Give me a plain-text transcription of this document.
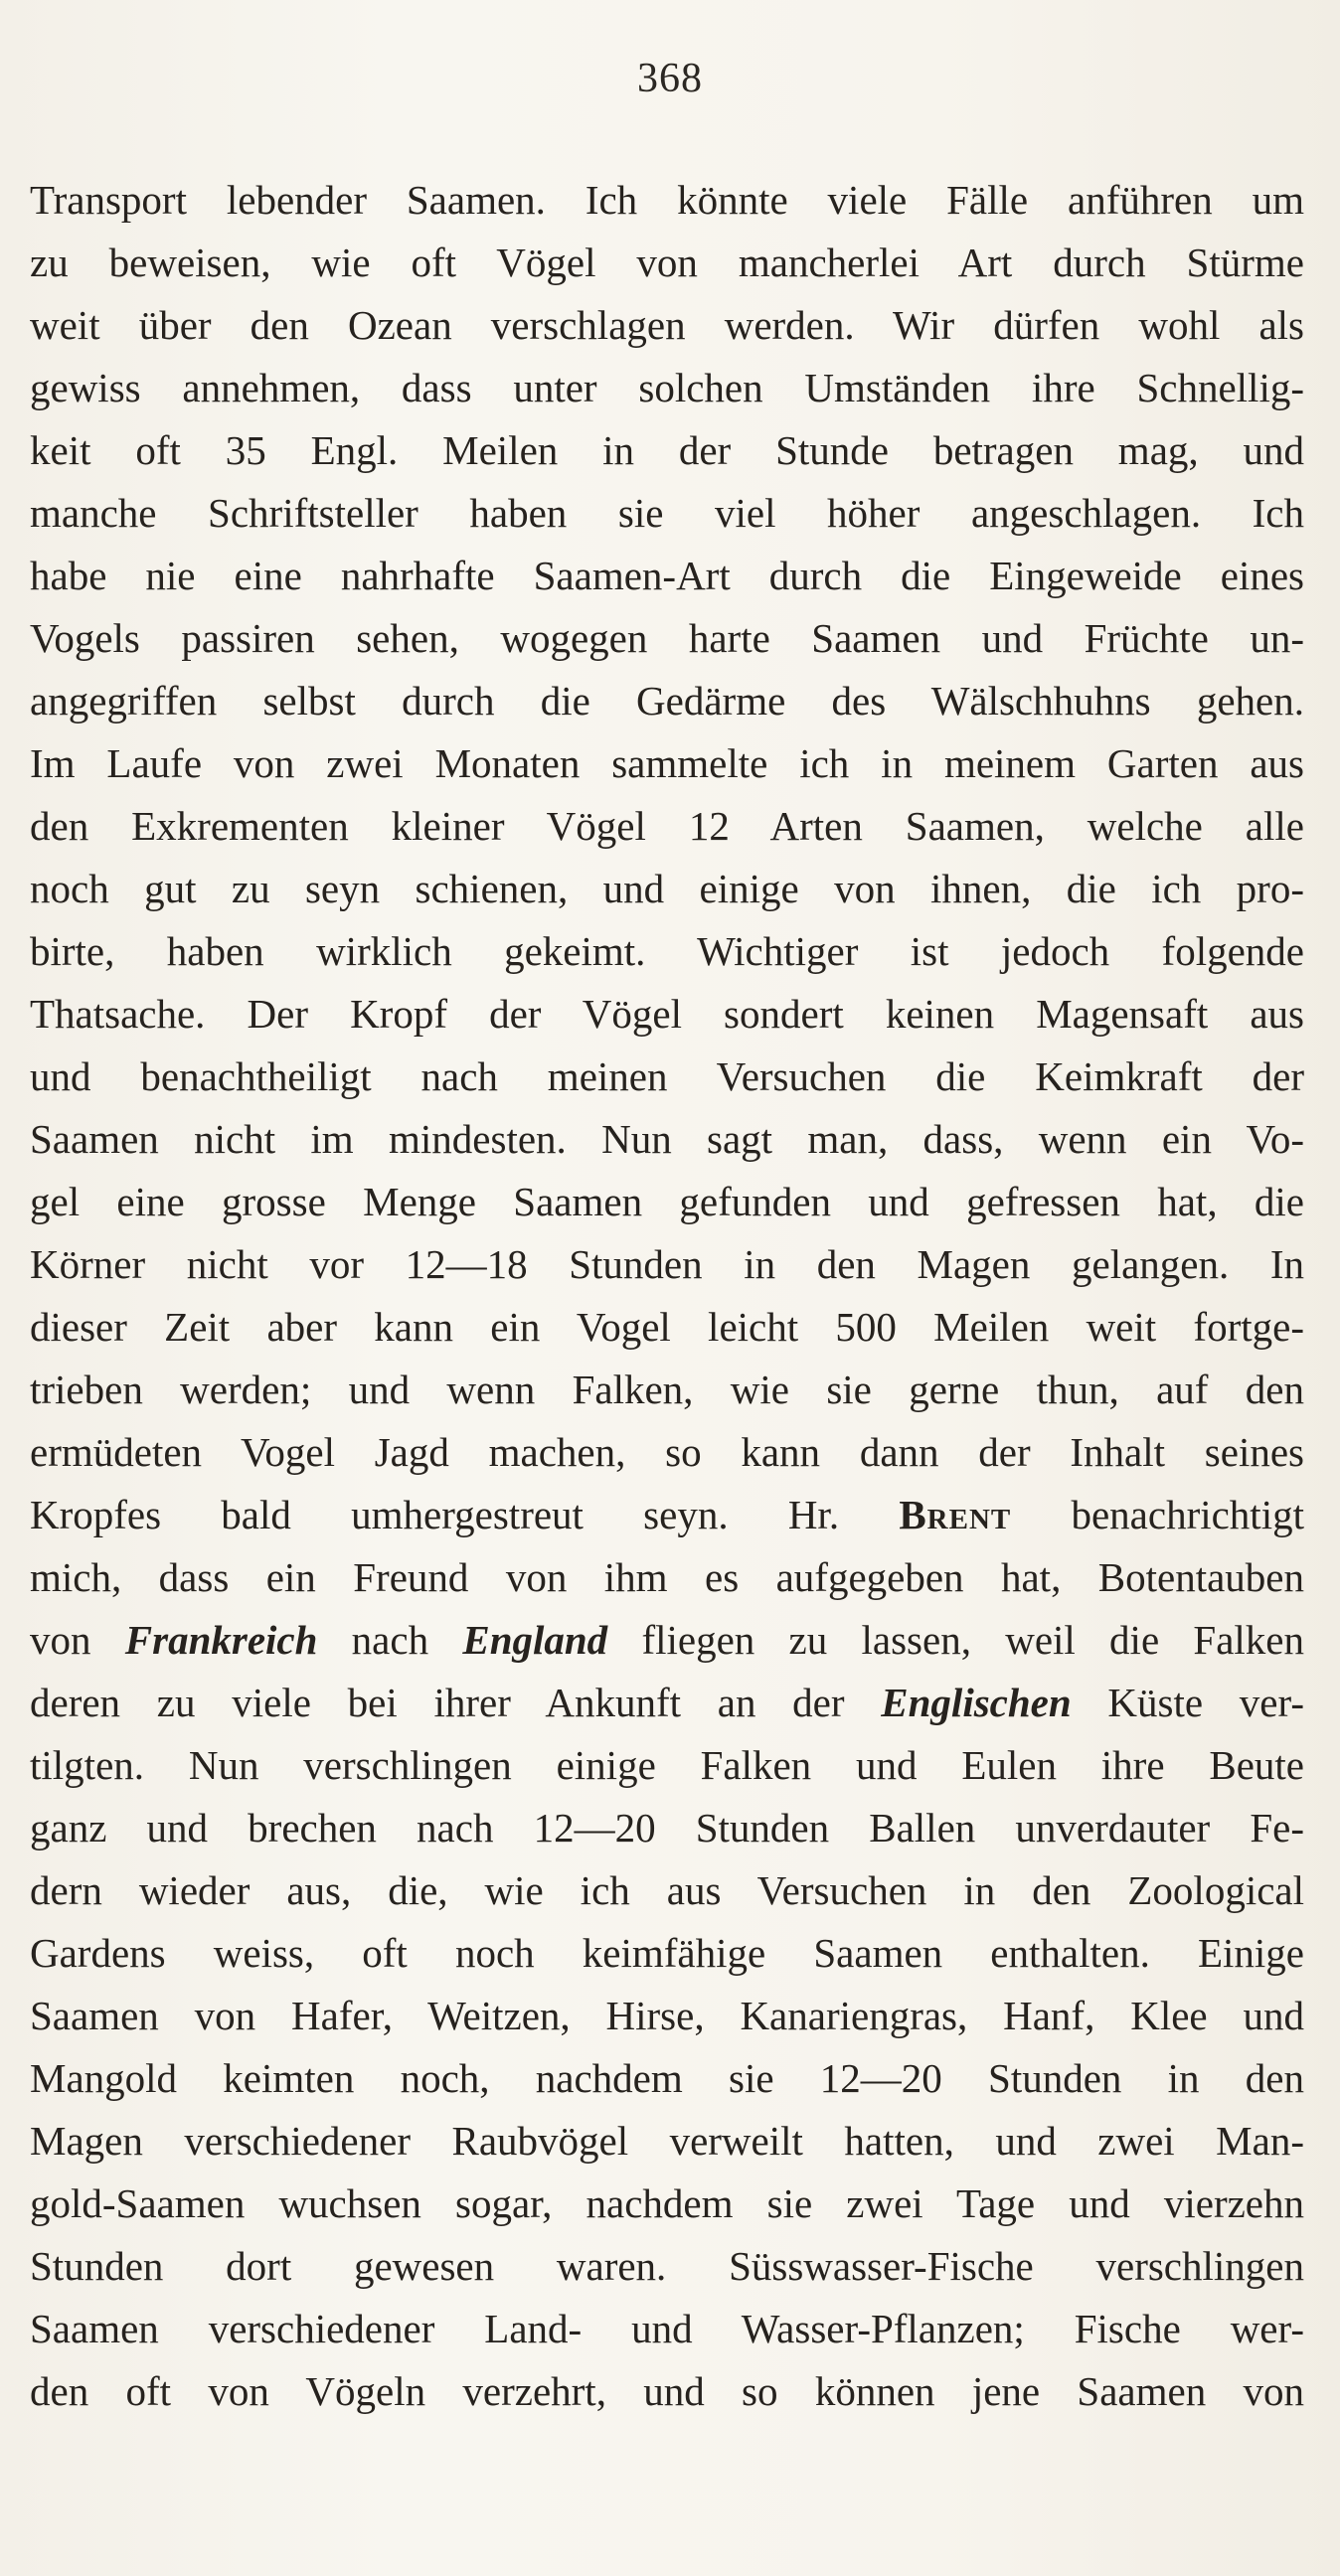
368
Transport lebender Saamen. Ich könnte viele Fälle anführen um
zu beweisen, wie oft Vögel von mancherlei Art durch Stürme
weit über den Ozean verschlagen werden. Wir dürfen wohl als
gewiss annehmen, dass unter solchen Umständen ihre Schnellig-
keit oft 35 Engl. Meilen in der Stunde betragen mag, und
manche Schriftsteller haben sie viel höher angeschlagen. Ich
habe nie eine nahrhafte Saamen-Art durch die Eingeweide eines
Vogels passiren sehen, wogegen harte Saamen und Früchte un-
angegriffen selbst durch die Gedärme des Wälschhuhns gehen.
Im Laufe von zwei Monaten sammelte ich in meinem Garten aus
den Exkrementen kleiner Vögel 12 Arten Saamen, welche alle
noch gut zu seyn schienen, und einige von ihnen, die ich pro-
birte, haben wirklich gekeimt. Wichtiger ist jedoch folgende
Thatsache. Der Kropf der Vögel sondert keinen Magensaft aus
und benachtheiligt nach meinen Versuchen die Keimkraft der
Saamen nicht im mindesten. Nun sagt man, dass, wenn ein Vo-
gel eine grosse Menge Saamen gefunden und gefressen hat, die
Körner nicht vor 12—18 Stunden in den Magen gelangen. In
dieser Zeit aber kann ein Vogel leicht 500 Meilen weit fortge-
trieben werden; und wenn Falken, wie sie gerne thun, auf den
ermüdeten Vogel Jagd machen, so kann dann der Inhalt seines
Kropfes bald umhergestreut seyn. Hr. Brent benachrichtigt
mich, dass ein Freund von ihm es aufgegeben hat, Botentauben
von Frankreich nach England fliegen zu lassen, weil die Falken
deren zu viele bei ihrer Ankunft an der Englischen Küste ver-
tilgten. Nun verschlingen einige Falken und Eulen ihre Beute
ganz und brechen nach 12—20 Stunden Ballen unverdauter Fe-
dern wieder aus, die, wie ich aus Versuchen in den Zoological
Gardens weiss, oft noch keimfähige Saamen enthalten. Einige
Saamen von Hafer, Weitzen, Hirse, Kanariengras, Hanf, Klee und
Mangold keimten noch, nachdem sie 12—20 Stunden in den
Magen verschiedener Raubvögel verweilt hatten, und zwei Man-
gold-Saamen wuchsen sogar, nachdem sie zwei Tage und vierzehn
Stunden dort gewesen waren. Süsswasser-Fische verschlingen
Saamen verschiedener Land- und Wasser-Pflanzen; Fische wer-
den oft von Vögeln verzehrt, und so können jene Saamen von
